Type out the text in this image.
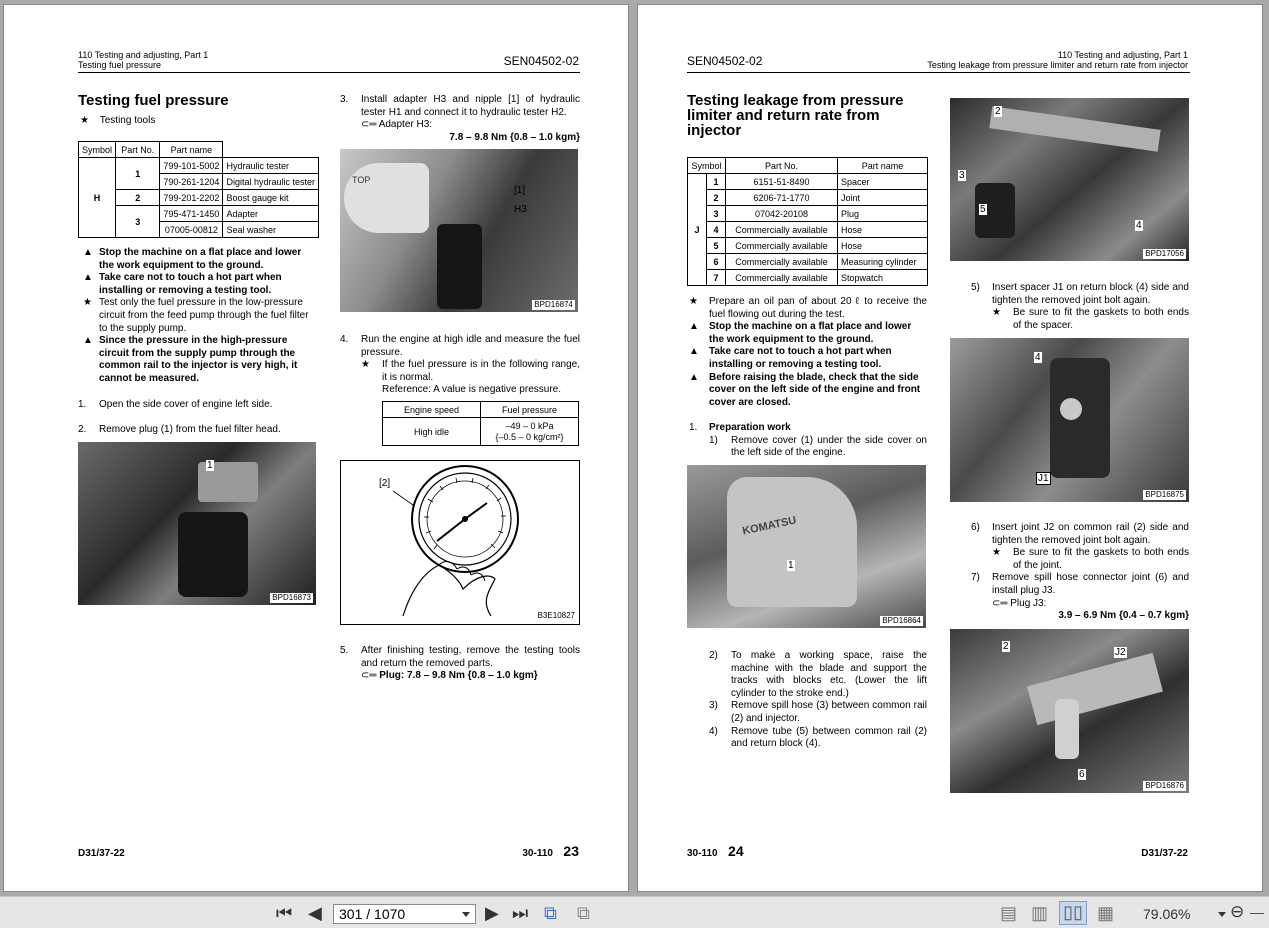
110 Testing and adjusting, Part 1
Testing fuel pressure	SEN04502-02
Testing fuel pressure
★ Testing tools
Symbol	Part No.	Part name	
H	1	799-101-5002	Hydraulic tester
		790-261-1204	Digital hydraulic tester
	2	799-201-2202	Boost gauge kit
	3	795-471-1450	Adapter
		07005-00812	Seal washer
▲ Stop the machine on a flat place and lower the work equipment to the ground.
▲ Take care not to touch a hot part when installing or removing a testing tool.
★ Test only the fuel pressure in the low-pressure circuit from the feed pump through the fuel filter to the supply pump.
▲ Since the pressure in the high-pressure circuit from the supply pump through the common rail to the injector is very high, it cannot be measured.
1. Open the side cover of engine left side.
2. Remove plug (1) from the fuel filter head.
1
BPD16873
3.	Install adapter H3 and nipple [1] of hydraulic tester H1 and connect it to hydraulic tester H2.
⊂═ Adapter H3:
7.8 – 9.8 Nm {0.8 – 1.0 kgm}
TOP
[1]
H3
BPD16874
4.	Run the engine at high idle and measure the fuel pressure.
★ If the fuel pressure is in the following range, it is normal.
Reference: A value is negative pressure.
Engine speed	Fuel pressure
High idle	–49 – 0 kPa
{–0.5 – 0 kg/cm²}
[2]
B3E10827
5.	After finishing testing, remove the testing tools and return the removed parts.
⊂═ Plug: 7.8 – 9.8 Nm {0.8 – 1.0 kgm}
D31/37-22	30-110 23
SEN04502-02	110 Testing and adjusting, Part 1
Testing leakage from pressure limiter and return rate from injector
Testing leakage from pressure
limiter and return rate from
injector
Symbol		Part No.	Part name
J	1	6151-51-8490	Spacer
	2	6206-71-1770	Joint
	3	07042-20108	Plug
	4	Commercially available	Hose
	5	Commercially available	Hose
	6	Commercially available	Measuring cylinder
	7	Commercially available	Stopwatch
★ Prepare an oil pan of about 20 ℓ to receive the fuel flowing out during the test.
▲ Stop the machine on a flat place and lower the work equipment to the ground.
▲ Take care not to touch a hot part when installing or removing a testing tool.
▲ Before raising the blade, check that the side cover on the left side of the engine and front cover are closed.
1.	Preparation work
1) Remove cover (1) under the side cover on the left side of the engine.
KOMATSU
1
BPD16864
2) To make a working space, raise the machine with the blade and support the tracks with blocks etc. (Lower the lift cylinder to the stroke end.)
3) Remove spill hose (3) between common rail (2) and injector.
4) Remove tube (5) between common rail (2) and return block (4).
2
3
5
4
BPD17056
5) Insert spacer J1 on return block (4) side and tighten the removed joint bolt again.
★ Be sure to fit the gaskets to both ends of the spacer.
4
J1
BPD16875
6) Insert joint J2 on common rail (2) side and tighten the removed joint bolt again.
★ Be sure to fit the gaskets to both ends of the joint.
7) Remove spill hose connector joint (6) and install plug J3.
⊂═ Plug J3:
3.9 – 6.9 Nm {0.4 – 0.7 kgm}
2
J2
6
BPD16876
30-110 24	D31/37-22
⏮ ◀	301 / 1070	▶ ⏭ ⧉ ⧉	▤ ▥ ▯▯ ▦ 79.06% ⊖
